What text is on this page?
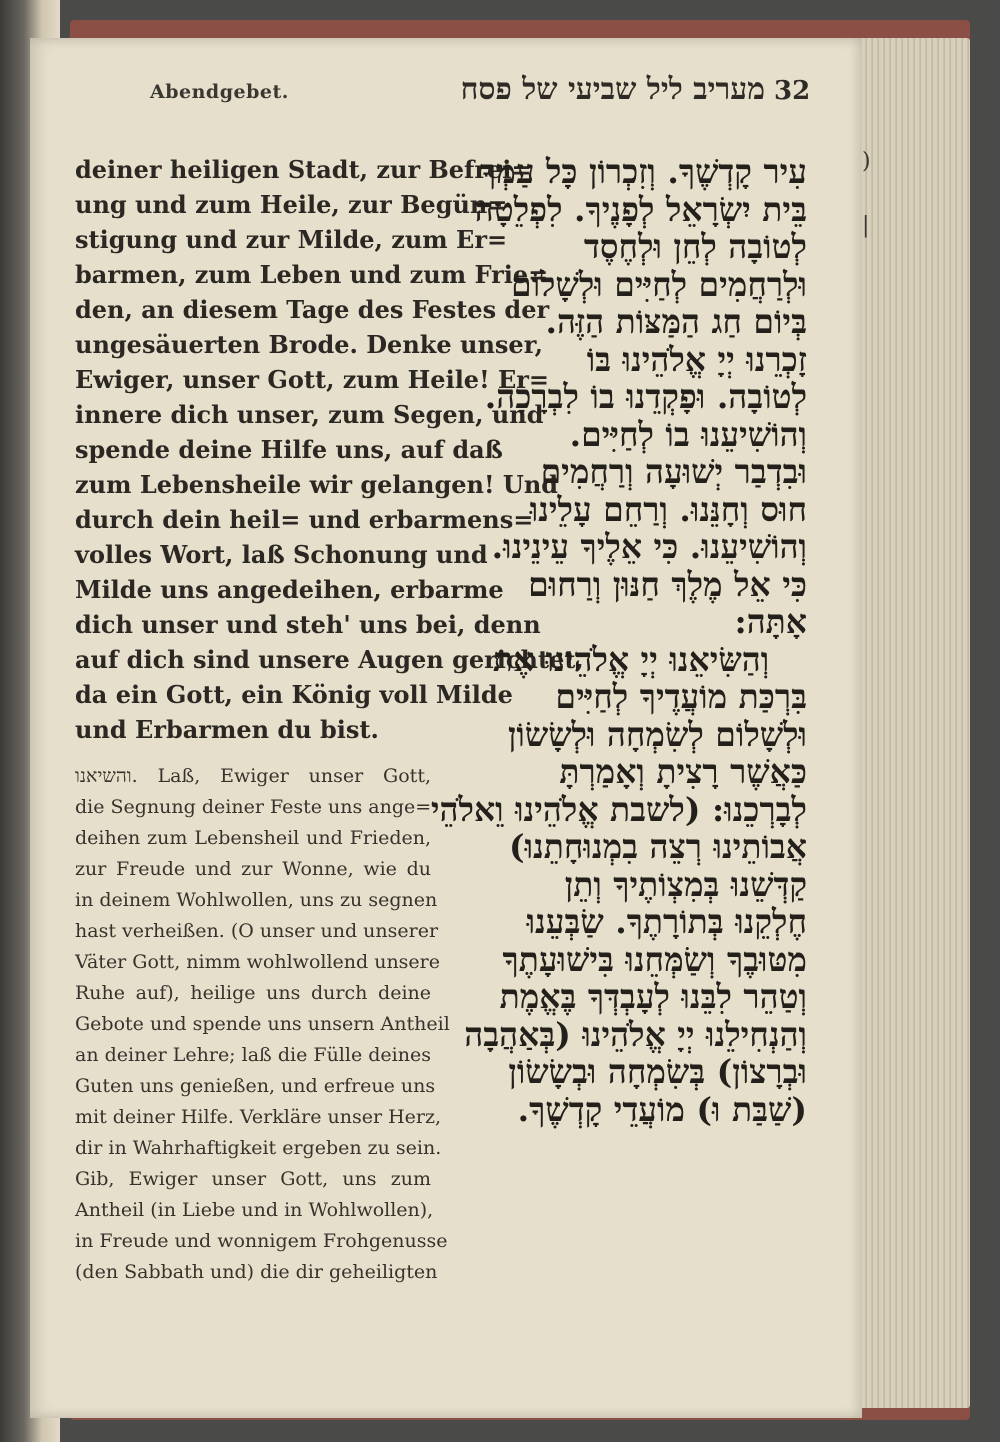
Abendgebet.	מעריב ליל שביעי של פסח 32
)
|
deiner heiligen Stadt, zur Befrei=
ung und zum Heile, zur Begün=
stigung und zur Milde, zum Er=
barmen, zum Leben und zum Frie=
den, an diesem Tage des Festes der
ungesäuerten Brode. Denke unser,
Ewiger, unser Gott, zum Heile! Er=
innere dich unser, zum Segen, und
spende deine Hilfe uns, auf daß
zum Lebensheile wir gelangen! Und
durch dein heil= und erbarmens=
volles Wort, laß Schonung und
Milde uns angedeihen, erbarme
dich unser und steh' uns bei, denn
auf dich sind unsere Augen gerichtet,
da ein Gott, ein König voll Milde
und Erbarmen du bist.
והשיאנו. Laß, Ewiger unser Gott,
die Segnung deiner Feste uns ange=
deihen zum Lebensheil und Frieden,
zur Freude und zur Wonne, wie du
in deinem Wohlwollen, uns zu segnen
hast verheißen. (O unser und unserer
Väter Gott, nimm wohlwollend unsere
Ruhe auf), heilige uns durch deine
Gebote und spende uns unsern Antheil
an deiner Lehre; laß die Fülle deines
Guten uns genießen, und erfreue uns
mit deiner Hilfe. Verkläre unser Herz,
dir in Wahrhaftigkeit ergeben zu sein.
Gib, Ewiger unser Gott, uns zum
Antheil (in Liebe und in Wohlwollen),
in Freude und wonnigem Frohgenusse
(den Sabbath und) die dir geheiligten
עִיר קָדְשֶׁךָ. וְזִכְרוֹן כָּל עַמְּךָ
בֵּית יִשְׂרָאֵל לְפָנֶיךָ. לִפְלֵטָה
לְטוֹבָה לְחֵן וּלְחֶסֶד
וּלְרַחֲמִים לְחַיִּים וּלְשָׁלוֹם
בְּיוֹם חַג הַמַּצּוֹת הַזֶּה.
זָכְרֵנוּ יְיָ אֱלֹהֵינוּ בּוֹ
לְטוֹבָה. וּפָקְדֵנוּ בוֹ לִבְרָכָה.
וְהוֹשִׁיעֵנוּ בוֹ לְחַיִּים.
וּבִדְבַר יְשׁוּעָה וְרַחֲמִים
חוּס וְחָנֵּנוּ. וְרַחֵם עָלֵינוּ
וְהוֹשִׁיעֵנוּ. כִּי אֵלֶיךָ עֵינֵינוּ.
כִּי אֵל מֶלֶךְ חַנּוּן וְרַחוּם
אָתָּה:
וְהַשִּׂיאֵנוּ יְיָ אֱלֹהֵינוּ אֶת
בִּרְכַּת מוֹעֲדֶיךָ לְחַיִּים
וּלְשָׁלוֹם לְשִׂמְחָה וּלְשָׂשׂוֹן
כַּאֲשֶׁר רָצִיתָ וְאָמַרְתָּ
לְבָרְכֵנוּ: (לשבת אֱלֹהֵינוּ וֵאלֹהֵי
אֲבוֹתֵינוּ רְצֵה בִמְנוּחָתֵנוּ)
קַדְּשֵׁנוּ בְּמִצְוֹתֶיךָ וְתֵן
חֶלְקֵנוּ בְּתוֹרָתֶךָ. שַׂבְּעֵנוּ
מִטּוּבֶךָ וְשַׂמְּחֵנוּ בִּישׁוּעָתֶךָ
וְטַהֵר לִבֵּנוּ לְעָבְדְּךָ בֶּאֱמֶת
וְהַנְחִילֵנוּ יְיָ אֱלֹהֵינוּ (בְּאַהֲבָה
וּבְרָצוֹן) בְּשִׂמְחָה וּבְשָׂשׂוֹן
(שַׁבַּת וּ) מוֹעֲדֵי קָדְשֶׁךָ.
